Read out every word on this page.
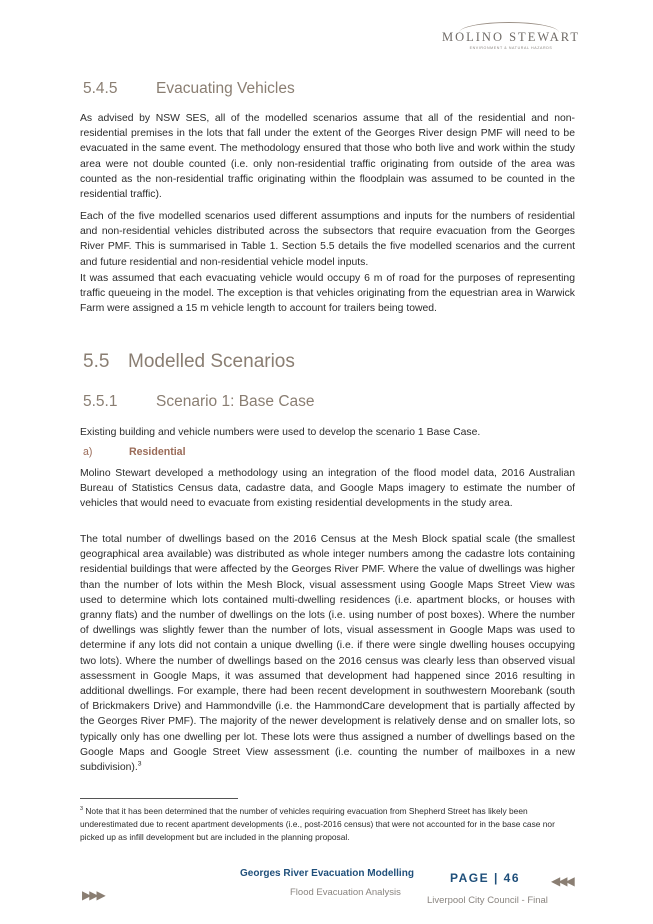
MOLINO STEWART
ENVIRONMENT & NATURAL HAZARDS
5.4.5 Evacuating Vehicles

As advised by NSW SES, all of the modelled scenarios assume that all of the residential and non-residential premises in the lots that fall under the extent of the Georges River design PMF will need to be evacuated in the same event. The methodology ensured that those who both live and work within the study area were not double counted (i.e. only non-residential traffic originating from outside of the area was counted as the non-residential traffic originating within the floodplain was assumed to be counted in the residential traffic).

Each of the five modelled scenarios used different assumptions and inputs for the numbers of residential and non-residential vehicles distributed across the subsectors that require evacuation from the Georges River PMF. This is summarised in Table 1. Section 5.5 details the five modelled scenarios and the current and future residential and non-residential vehicle model inputs.

It was assumed that each evacuating vehicle would occupy 6 m of road for the purposes of representing traffic queueing in the model. The exception is that vehicles originating from the equestrian area in Warwick Farm were assigned a 15 m vehicle length to account for trailers being towed.

5.5 Modelled Scenarios
5.5.1 Scenario 1: Base Case

Existing building and vehicle numbers were used to develop the scenario 1 Base Case.

a)	Residential

Molino Stewart developed a methodology using an integration of the flood model data, 2016 Australian Bureau of Statistics Census data, cadastre data, and Google Maps imagery to estimate the number of vehicles that would need to evacuate from existing residential developments in the study area.

The total number of dwellings based on the 2016 Census at the Mesh Block spatial scale (the smallest geographical area available) was distributed as whole integer numbers among the cadastre lots containing residential buildings that were affected by the Georges River PMF. Where the value of dwellings was higher than the number of lots within the Mesh Block, visual assessment using Google Maps Street View was used to determine which lots contained multi-dwelling residences (i.e. apartment blocks, or houses with granny flats) and the number of dwellings on the lots (i.e. using number of post boxes). Where the number of dwellings was slightly fewer than the number of lots, visual assessment in Google Maps was used to determine if any lots did not contain a unique dwelling (i.e. if there were single dwelling houses occupying two lots). Where the number of dwellings based on the 2016 census was clearly less than observed visual assessment in Google Maps, it was assumed that development had happened since 2016 resulting in additional dwellings. For example, there had been recent development in southwestern Moorebank (south of Brickmakers Drive) and Hammondville (i.e. the HammondCare development that is partially affected by the Georges River PMF). The majority of the newer development is relatively dense and on smaller lots, so typically only has one dwelling per lot. These lots were thus assigned a number of dwellings based on the Google Maps and Google Street View assessment (i.e. counting the number of mailboxes in a new subdivision).$^3$

$^3$ Note that it has been determined that the number of vehicles requiring evacuation from Shepherd Street has likely been underestimated due to recent apartment developments (i.e., post-2016 census) that were not accounted for in the base case nor picked up as infill development but are included in the planning proposal.

Georges River Evacuation Modelling
Flood Evacuation Analysis
PAGE | 46
Liverpool City Council - Final
▶▶▶
◀◀◀
